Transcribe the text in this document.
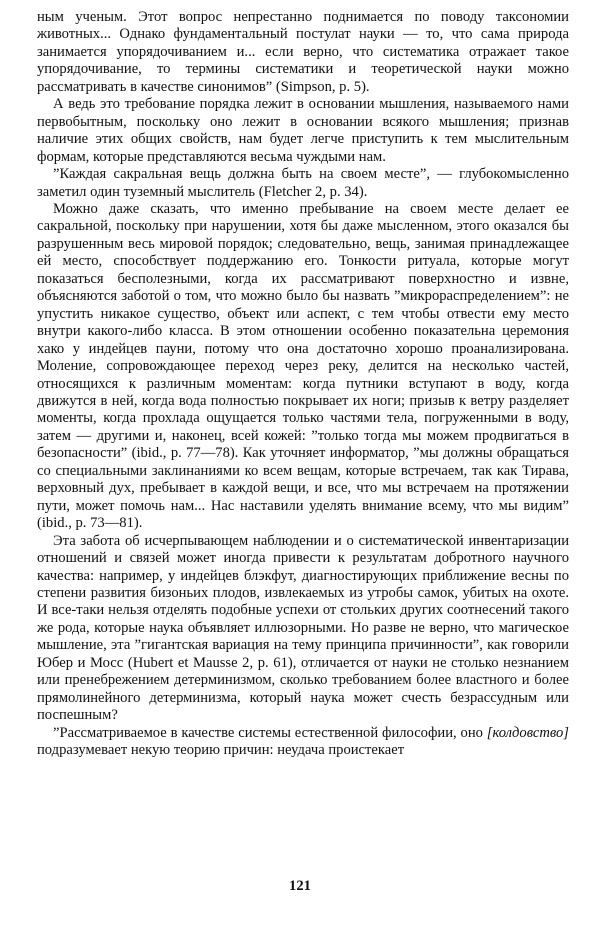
ным ученым. Этот вопрос непрестанно поднимается по поводу таксономии животных... Однако фундаментальный постулат науки — то, что сама природа занимается упорядочиванием и... если верно, что систематика отражает такое упорядочивание, то термины систематики и теоретической науки можно рассматривать в качестве синонимов” (Simpson, p. 5).

А ведь это требование порядка лежит в основании мышления, называемого нами первобытным, поскольку оно лежит в основании всякого мышления; признав наличие этих общих свойств, нам будет легче приступить к тем мыслительным формам, которые представляются весьма чуждыми нам.

”Каждая сакральная вещь должна быть на своем месте”, — глубокомысленно заметил один туземный мыслитель (Fletcher 2, p. 34).

Можно даже сказать, что именно пребывание на своем месте делает ее сакральной, поскольку при нарушении, хотя бы даже мысленном, этого оказался бы разрушенным весь мировой порядок; следовательно, вещь, занимая принадлежащее ей место, способствует поддержанию его. Тонкости ритуала, которые могут показаться бесполезными, когда их рассматривают поверхностно и извне, объясняются заботой о том, что можно было бы назвать ”микрораспределением”: не упустить никакое существо, объект или аспект, с тем чтобы отвести ему место внутри какого-либо класса. В этом отношении особенно показательна церемония хако у индейцев пауни, потому что она достаточно хорошо проанализирована. Моление, сопровождающее переход через реку, делится на несколько частей, относящихся к различным моментам: когда путники вступают в воду, когда движутся в ней, когда вода полностью покрывает их ноги; призыв к ветру разделяет моменты, когда прохлада ощущается только частями тела, погруженными в воду, затем — другими и, наконец, всей кожей: ”только тогда мы можем продвигаться в безопасности” (ibid., p. 77—78). Как уточняет информатор, ”мы должны обращаться со специальными заклинаниями ко всем вещам, которые встречаем, так как Тирава, верховный дух, пребывает в каждой вещи, и все, что мы встречаем на протяжении пути, может помочь нам... Нас наставили уделять внимание всему, что мы видим” (ibid., p. 73—81).

Эта забота об исчерпывающем наблюдении и о систематической инвентаризации отношений и связей может иногда привести к результатам добротного научного качества: например, у индейцев блэкфут, диагностирующих приближение весны по степени развития бизоньих плодов, извлекаемых из утробы самок, убитых на охоте. И все-таки нельзя отделять подобные успехи от стольких других соотнесений такого же рода, которые наука объявляет иллюзорными. Но разве не верно, что магическое мышление, эта ”гигантская вариация на тему принципа причинности”, как говорили Юбер и Мосс (Hubert et Mausse 2, p. 61), отличается от науки не столько незнанием или пренебрежением детерминизмом, сколько требованием более властного и более прямолинейного детерминизма, который наука может счесть безрассудным или поспешным?

”Рассматриваемое в качестве системы естественной философии, оно [колдовство] подразумевает некую теорию причин: неудача проистекает

121
